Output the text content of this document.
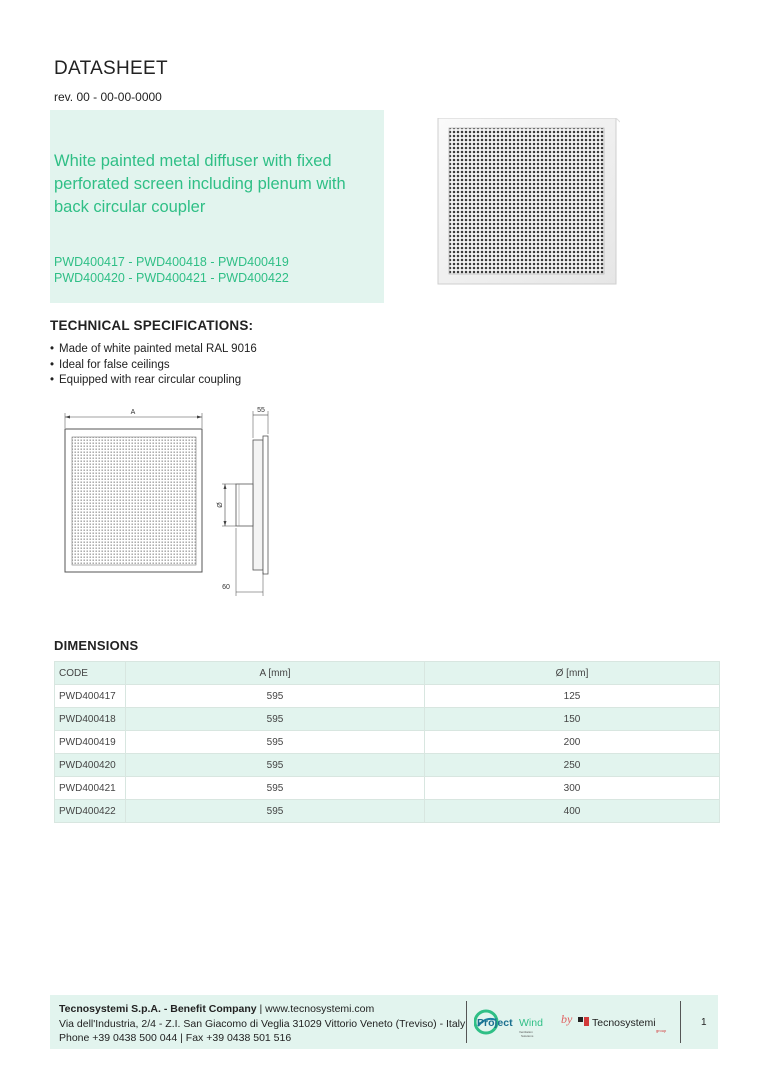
DATASHEET
rev. 00 - 00-00-0000
White painted metal diffuser with fixed
perforated screen including plenum with
back circular coupler
PWD400417 - PWD400418 - PWD400419
PWD400420 - PWD400421 - PWD400422
TECHNICAL SPECIFICATIONS:
• Made of white painted metal RAL 9016
• Ideal for false ceilings
• Equipped with rear circular coupling
A	55
Ø
60
DIMENSIONS
CODE	A [mm]	Ø [mm]
PWD400417	595	125
PWD400418	595	150
PWD400419	595	200
PWD400420	595	250
PWD400421	595	300
PWD400422	595	400
Tecnosystemi S.p.A. - Benefit Company | www.tecnosystemi.com
Via dell'Industria, 2/4 - Z.I. San Giacomo di Veglia 31029 Vittorio Veneto (Treviso) - Italy
Phone +39 0438 500 044 | Fax +39 0438 501 516
Project Wind
Ventilation
Solutions
by Tecnosystemi
group
1
